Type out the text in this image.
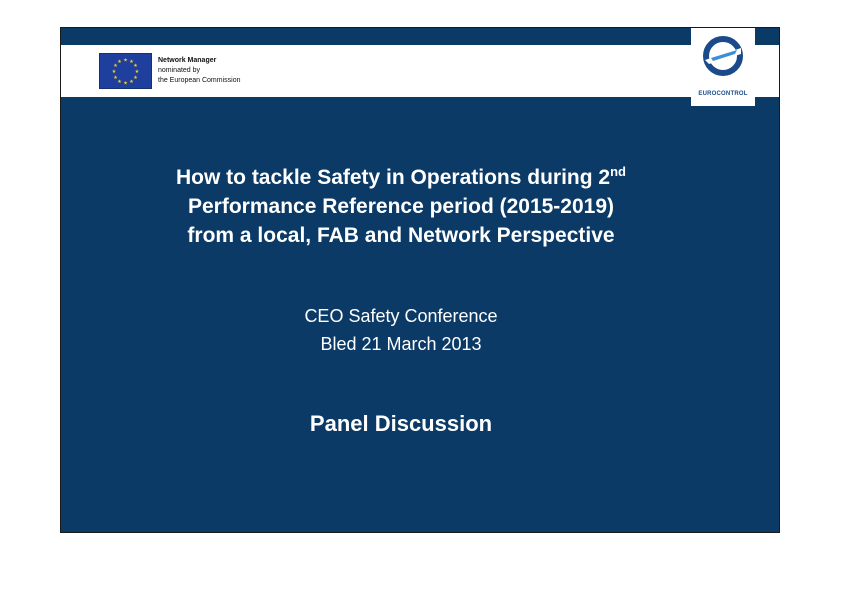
★ ★
★
★
★
★
★
★
★
★
★
★	Network Manager
nominated by
the European Commission
EUROCONTROL
How to tackle Safety in Operations during 2nd
Performance Reference period (2015-2019)
from a local, FAB and Network Perspective
CEO Safety Conference
Bled 21 March 2013
Panel Discussion
